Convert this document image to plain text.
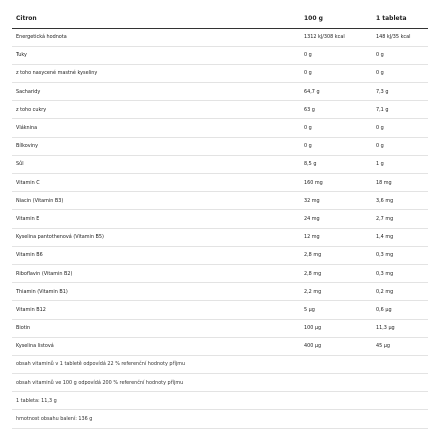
Citron	100 g	1 tableta
Energetická hodnota	1312 kJ/308 kcal	148 kJ/35 kcal
Tuky	0 g	0 g
z toho nasycené mastné kyseliny	0 g	0 g
Sacharidy	64,7 g	7,3 g
z toho cukry	63 g	7,1 g
Vláknina	0 g	0 g
Bílkoviny	0 g	0 g
Sůl	8,5 g	1 g
Vitamin C	160 mg	18 mg
Niacin (Vitamin B3)	32 mg	3,6 mg
Vitamin E	24 mg	2,7 mg
Kyselina pantothenová (Vitamin B5)	12 mg	1,4 mg
Vitamin B6	2,8 mg	0,3 mg
Riboflavin (Vitamin B2)	2,8 mg	0,3 mg
Thiamin (Vitamin B1)	2,2 mg	0,2 mg
Vitamin B12	5 µg	0,6 µg
Biotin	100 µg	11,3 µg
Kyselina listová	400 µg	45 µg
obsah vitaminů v 1 tabletě odpovídá 22 % referenční hodnoty příjmu		
obsah vitaminů ve 100 g odpovídá 200 % referenční hodnoty příjmu		
1 tableta: 11,3 g		
hmotnost obsahu balení: 136 g		
